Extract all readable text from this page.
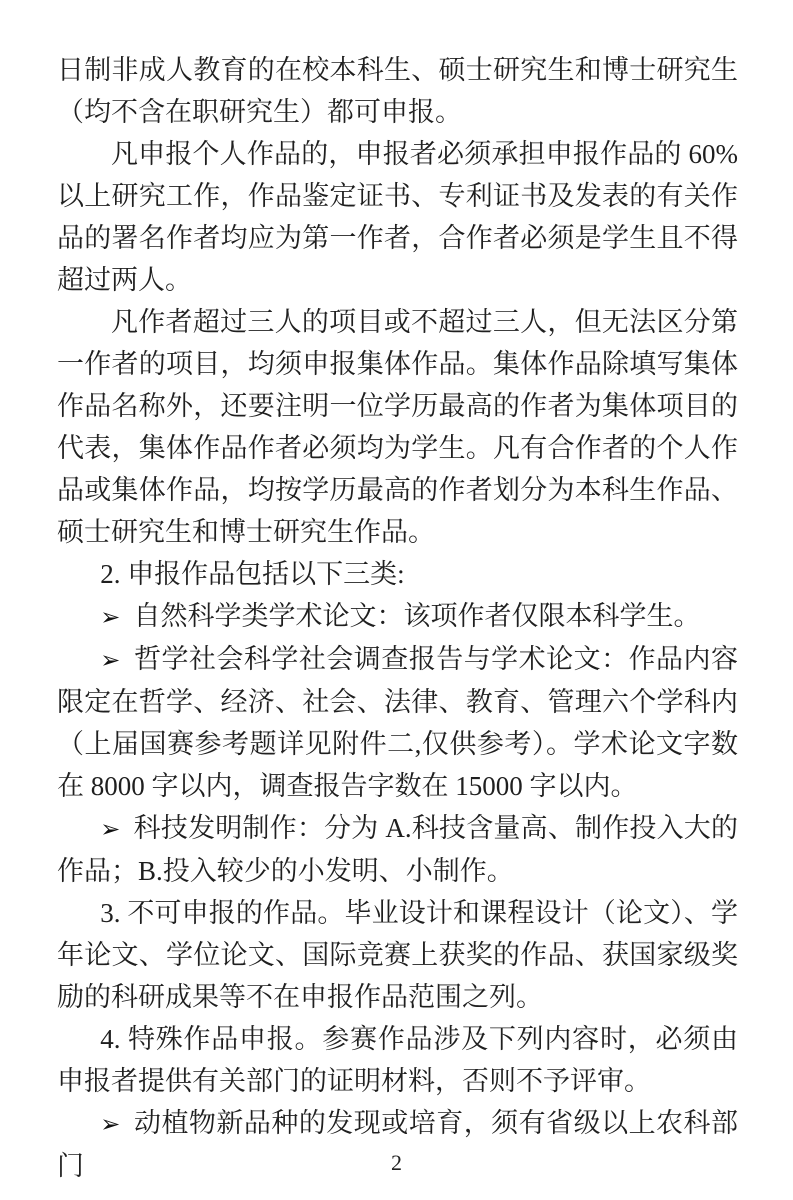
日制非成人教育的在校本科生、硕士研究生和博士研究生（均不含在职研究生）都可申报。

凡申报个人作品的，申报者必须承担申报作品的 60%以上研究工作，作品鉴定证书、专利证书及发表的有关作品的署名作者均应为第一作者，合作者必须是学生且不得超过两人。

凡作者超过三人的项目或不超过三人，但无法区分第一作者的项目，均须申报集体作品。集体作品除填写集体作品名称外，还要注明一位学历最高的作者为集体项目的代表，集体作品作者必须均为学生。凡有合作者的个人作品或集体作品，均按学历最高的作者划分为本科生作品、硕士研究生和博士研究生作品。

2. 申报作品包括以下三类:

➢ 自然科学类学术论文：该项作者仅限本科学生。

➢ 哲学社会科学社会调查报告与学术论文：作品内容限定在哲学、经济、社会、法律、教育、管理六个学科内（上届国赛参考题详见附件二,仅供参考）。学术论文字数在 8000 字以内，调查报告字数在 15000 字以内。

➢ 科技发明制作：分为 A.科技含量高、制作投入大的作品；B.投入较少的小发明、小制作。

3. 不可申报的作品。毕业设计和课程设计（论文）、学年论文、学位论文、国际竞赛上获奖的作品、获国家级奖励的科研成果等不在申报作品范围之列。

4. 特殊作品申报。参赛作品涉及下列内容时，必须由申报者提供有关部门的证明材料，否则不予评审。

➢ 动植物新品种的发现或培育，须有省级以上农科部门	2
